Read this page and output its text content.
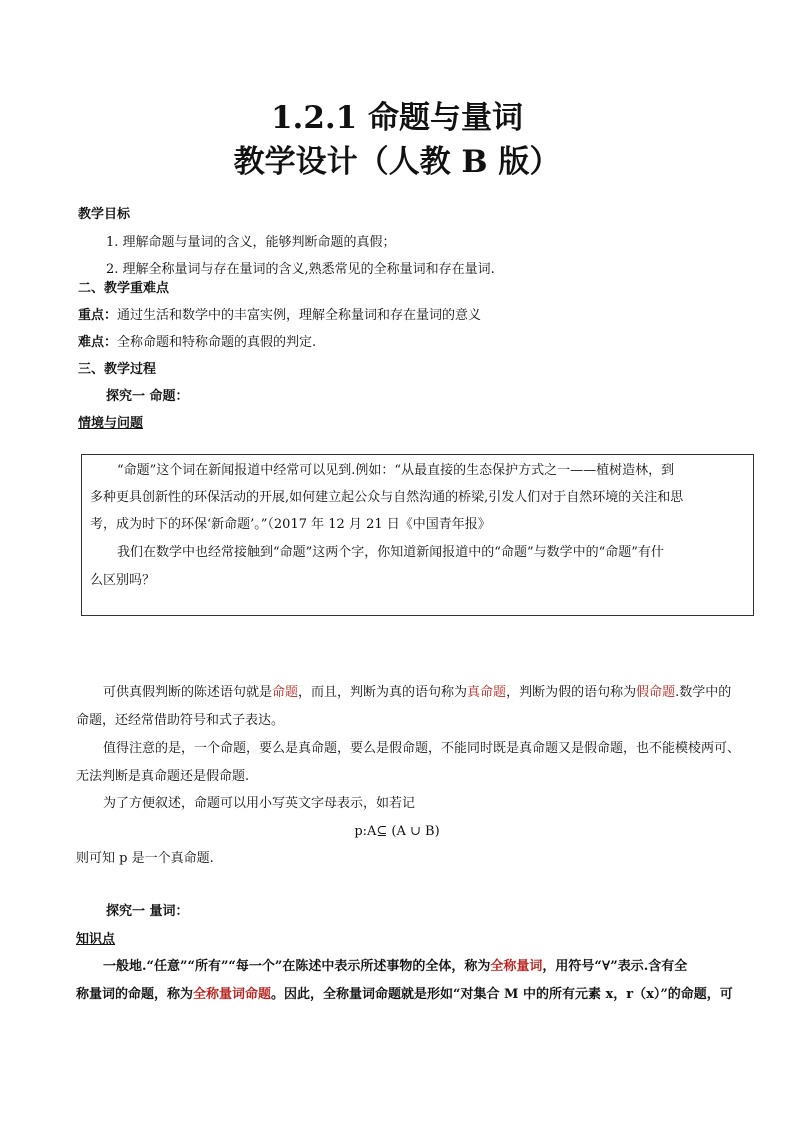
1.2.1 命题与量词
教学设计（人教 B 版）
教学目标
1. 理解命题与量词的含义，能够判断命题的真假；
2. 理解全称量词与存在量词的含义,熟悉常见的全称量词和存在量词.
二、教学重难点
重点：通过生活和数学中的丰富实例，理解全称量词和存在量词的意义
难点：全称命题和特称命题的真假的判定.
三、教学过程
探究一 命题：
情境与问题
“命题”这个词在新闻报道中经常可以见到.例如：“从最直接的生态保护方式之一——植树造林，到
多种更具创新性的环保活动的开展,如何建立起公众与自然沟通的桥梁,引发人们对于自然环境的关注和思
考，成为时下的环保‘新命题’。”（2017 年 12 月 21 日《中国青年报》
我们在数学中也经常接触到“命题”这两个字，你知道新闻报道中的“命题”与数学中的“命题”有什
么区别吗？
可供真假判断的陈述语句就是命题，而且，判断为真的语句称为真命题，判断为假的语句称为假命题.数学中的
命题，还经常借助符号和式子表达。
值得注意的是，一个命题，要么是真命题，要么是假命题，不能同时既是真命题又是假命题，也不能模棱两可、
无法判断是真命题还是假命题.
为了方便叙述，命题可以用小写英文字母表示，如若记
p:A⊆ (A ∪ B)
则可知 p 是一个真命题.
探究一 量词：
知识点
一般地.“任意”“所有”“每一个”在陈述中表示所述事物的全体，称为全称量词，用符号“∀”表示.含有全
称量词的命题，称为全称量词命题。因此，全称量词命题就是形如“对集合 M 中的所有元素 x，r（x）”的命题，可
